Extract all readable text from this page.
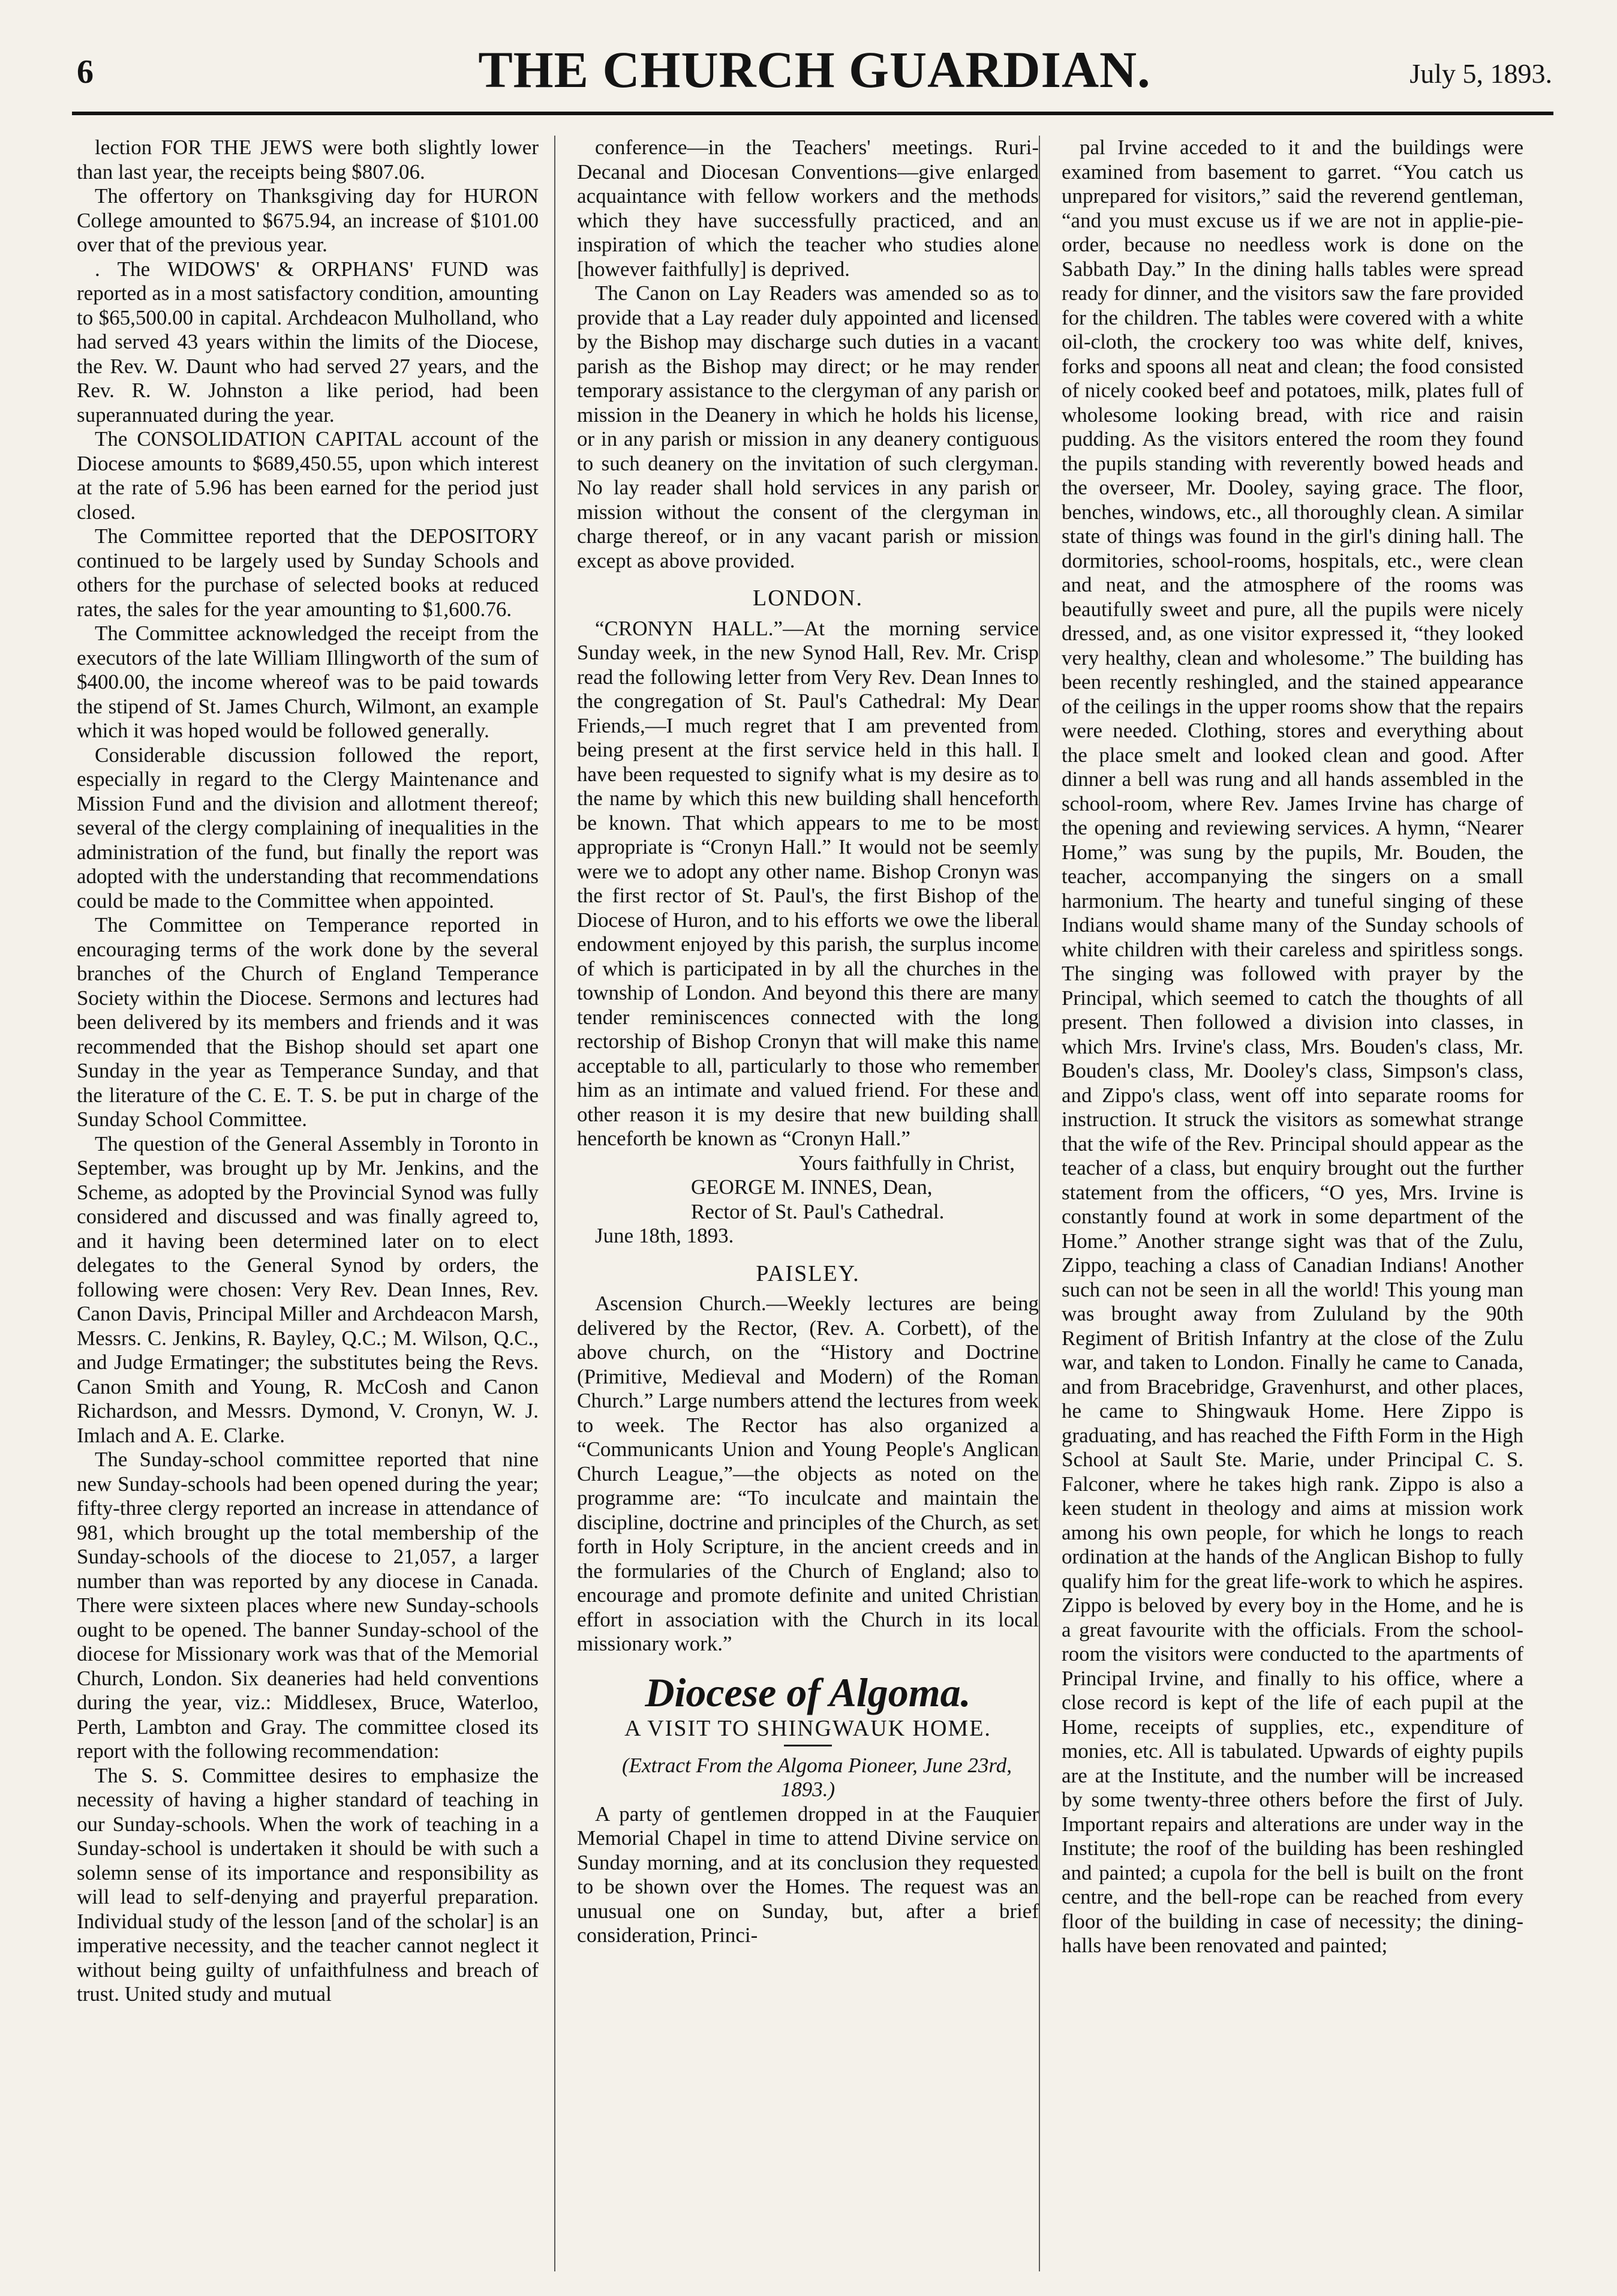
6	THE CHURCH GUARDIAN.	July 5, 1893.

lection FOR THE JEWS were both slightly lower than last year, the receipts being $807.06.

The offertory on Thanksgiving day for HURON College amounted to $675.94, an increase of $101.00 over that of the previous year.

. The WIDOWS' & ORPHANS' FUND was reported as in a most satisfactory condition, amounting to $65,500.00 in capital. Archdeacon Mulholland, who had served 43 years within the limits of the Diocese, the Rev. W. Daunt who had served 27 years, and the Rev. R. W. Johnston a like period, had been superannuated during the year.

The CONSOLIDATION CAPITAL account of the Diocese amounts to $689,450.55, upon which interest at the rate of 5.96 has been earned for the period just closed.

The Committee reported that the DEPOSITORY continued to be largely used by Sunday Schools and others for the purchase of selected books at reduced rates, the sales for the year amounting to $1,600.76.

The Committee acknowledged the receipt from the executors of the late William Illingworth of the sum of $400.00, the income whereof was to be paid towards the stipend of St. James Church, Wilmont, an example which it was hoped would be followed generally.

Considerable discussion followed the report, especially in regard to the Clergy Maintenance and Mission Fund and the division and allotment thereof; several of the clergy complaining of inequalities in the administration of the fund, but finally the report was adopted with the understanding that recommendations could be made to the Committee when appointed.

The Committee on Temperance reported in encouraging terms of the work done by the several branches of the Church of England Temperance Society within the Diocese. Sermons and lectures had been delivered by its members and friends and it was recommended that the Bishop should set apart one Sunday in the year as Temperance Sunday, and that the literature of the C. E. T. S. be put in charge of the Sunday School Committee.

The question of the General Assembly in Toronto in September, was brought up by Mr. Jenkins, and the Scheme, as adopted by the Provincial Synod was fully considered and discussed and was finally agreed to, and it having been determined later on to elect delegates to the General Synod by orders, the following were chosen: Very Rev. Dean Innes, Rev. Canon Davis, Principal Miller and Archdeacon Marsh, Messrs. C. Jenkins, R. Bayley, Q.C.; M. Wilson, Q.C., and Judge Ermatinger; the substitutes being the Revs. Canon Smith and Young, R. McCosh and Canon Richardson, and Messrs. Dymond, V. Cronyn, W. J. Imlach and A. E. Clarke.

The Sunday-school committee reported that nine new Sunday-schools had been opened during the year; fifty-three clergy reported an increase in attendance of 981, which brought up the total membership of the Sunday-schools of the diocese to 21,057, a larger number than was reported by any diocese in Canada. There were sixteen places where new Sunday-schools ought to be opened. The banner Sunday-school of the diocese for Missionary work was that of the Memorial Church, London. Six deaneries had held conventions during the year, viz.: Middlesex, Bruce, Waterloo, Perth, Lambton and Gray. The committee closed its report with the following recommendation:

The S. S. Committee desires to emphasize the necessity of having a higher standard of teaching in our Sunday-schools. When the work of teaching in a Sunday-school is undertaken it should be with such a solemn sense of its importance and responsibility as will lead to self-denying and prayerful preparation. Individual study of the lesson [and of the scholar] is an imperative necessity, and the teacher cannot neglect it without being guilty of unfaithfulness and breach of trust. United study and mutual

conference—in the Teachers' meetings. Ruri-Decanal and Diocesan Conventions—give enlarged acquaintance with fellow workers and the methods which they have successfully practiced, and an inspiration of which the teacher who studies alone [however faithfully] is deprived.

The Canon on Lay Readers was amended so as to provide that a Lay reader duly appointed and licensed by the Bishop may discharge such duties in a vacant parish as the Bishop may direct; or he may render temporary assistance to the clergyman of any parish or mission in the Deanery in which he holds his license, or in any parish or mission in any deanery contiguous to such deanery on the invitation of such clergyman. No lay reader shall hold services in any parish or mission without the consent of the clergyman in charge thereof, or in any vacant parish or mission except as above provided.

LONDON.

“CRONYN HALL.”—At the morning service Sunday week, in the new Synod Hall, Rev. Mr. Crisp read the following letter from Very Rev. Dean Innes to the congregation of St. Paul's Cathedral: My Dear Friends,—I much regret that I am prevented from being present at the first service held in this hall. I have been requested to signify what is my desire as to the name by which this new building shall henceforth be known. That which appears to me to be most appropriate is “Cronyn Hall.” It would not be seemly were we to adopt any other name. Bishop Cronyn was the first rector of St. Paul's, the first Bishop of the Diocese of Huron, and to his efforts we owe the liberal endowment enjoyed by this parish, the surplus income of which is participated in by all the churches in the township of London. And beyond this there are many tender reminiscences connected with the long rectorship of Bishop Cronyn that will make this name acceptable to all, particularly to those who remember him as an intimate and valued friend. For these and other reason it is my desire that new building shall henceforth be known as “Cronyn Hall.”

Yours faithfully in Christ,

GEORGE M. INNES, Dean,

Rector of St. Paul's Cathedral.

June 18th, 1893.

PAISLEY.

Ascension Church.—Weekly lectures are being delivered by the Rector, (Rev. A. Corbett), of the above church, on the “History and Doctrine (Primitive, Medieval and Modern) of the Roman Church.” Large numbers attend the lectures from week to week. The Rector has also organized a “Communicants Union and Young People's Anglican Church League,”—the objects as noted on the programme are: “To inculcate and maintain the discipline, doctrine and principles of the Church, as set forth in Holy Scripture, in the ancient creeds and in the formularies of the Church of England; also to encourage and promote definite and united Christian effort in association with the Church in its local missionary work.”

Diocese of Algoma.
A VISIT TO SHINGWAUK HOME.

(Extract From the Algoma Pioneer, June 23rd, 1893.)

A party of gentlemen dropped in at the Fauquier Memorial Chapel in time to attend Divine service on Sunday morning, and at its conclusion they requested to be shown over the Homes. The request was an unusual one on Sunday, but, after a brief consideration, Princi-

pal Irvine acceded to it and the buildings were examined from basement to garret. “You catch us unprepared for visitors,” said the reverend gentleman, “and you must excuse us if we are not in applie-pie-order, because no needless work is done on the Sabbath Day.” In the dining halls tables were spread ready for dinner, and the visitors saw the fare provided for the children. The tables were covered with a white oil-cloth, the crockery too was white delf, knives, forks and spoons all neat and clean; the food consisted of nicely cooked beef and potatoes, milk, plates full of wholesome looking bread, with rice and raisin pudding. As the visitors entered the room they found the pupils standing with reverently bowed heads and the overseer, Mr. Dooley, saying grace. The floor, benches, windows, etc., all thoroughly clean. A similar state of things was found in the girl's dining hall. The dormitories, school-rooms, hospitals, etc., were clean and neat, and the atmosphere of the rooms was beautifully sweet and pure, all the pupils were nicely dressed, and, as one visitor expressed it, “they looked very healthy, clean and wholesome.” The building has been recently reshingled, and the stained appearance of the ceilings in the upper rooms show that the repairs were needed. Clothing, stores and everything about the place smelt and looked clean and good. After dinner a bell was rung and all hands assembled in the school-room, where Rev. James Irvine has charge of the opening and reviewing services. A hymn, “Nearer Home,” was sung by the pupils, Mr. Bouden, the teacher, accompanying the singers on a small harmonium. The hearty and tuneful singing of these Indians would shame many of the Sunday schools of white children with their careless and spiritless songs. The singing was followed with prayer by the Principal, which seemed to catch the thoughts of all present. Then followed a division into classes, in which Mrs. Irvine's class, Mrs. Bouden's class, Mr. Bouden's class, Mr. Dooley's class, Simpson's class, and Zippo's class, went off into separate rooms for instruction. It struck the visitors as somewhat strange that the wife of the Rev. Principal should appear as the teacher of a class, but enquiry brought out the further statement from the officers, “O yes, Mrs. Irvine is constantly found at work in some department of the Home.” Another strange sight was that of the Zulu, Zippo, teaching a class of Canadian Indians! Another such can not be seen in all the world! This young man was brought away from Zululand by the 90th Regiment of British Infantry at the close of the Zulu war, and taken to London. Finally he came to Canada, and from Bracebridge, Gravenhurst, and other places, he came to Shingwauk Home. Here Zippo is graduating, and has reached the Fifth Form in the High School at Sault Ste. Marie, under Principal C. S. Falconer, where he takes high rank. Zippo is also a keen student in theology and aims at mission work among his own people, for which he longs to reach ordination at the hands of the Anglican Bishop to fully qualify him for the great life-work to which he aspires. Zippo is beloved by every boy in the Home, and he is a great favourite with the officials. From the school-room the visitors were conducted to the apartments of Principal Irvine, and finally to his office, where a close record is kept of the life of each pupil at the Home, receipts of supplies, etc., expenditure of monies, etc. All is tabulated. Upwards of eighty pupils are at the Institute, and the number will be increased by some twenty-three others before the first of July. Important repairs and alterations are under way in the Institute; the roof of the building has been reshingled and painted; a cupola for the bell is built on the front centre, and the bell-rope can be reached from every floor of the building in case of necessity; the dining-halls have been renovated and painted;
